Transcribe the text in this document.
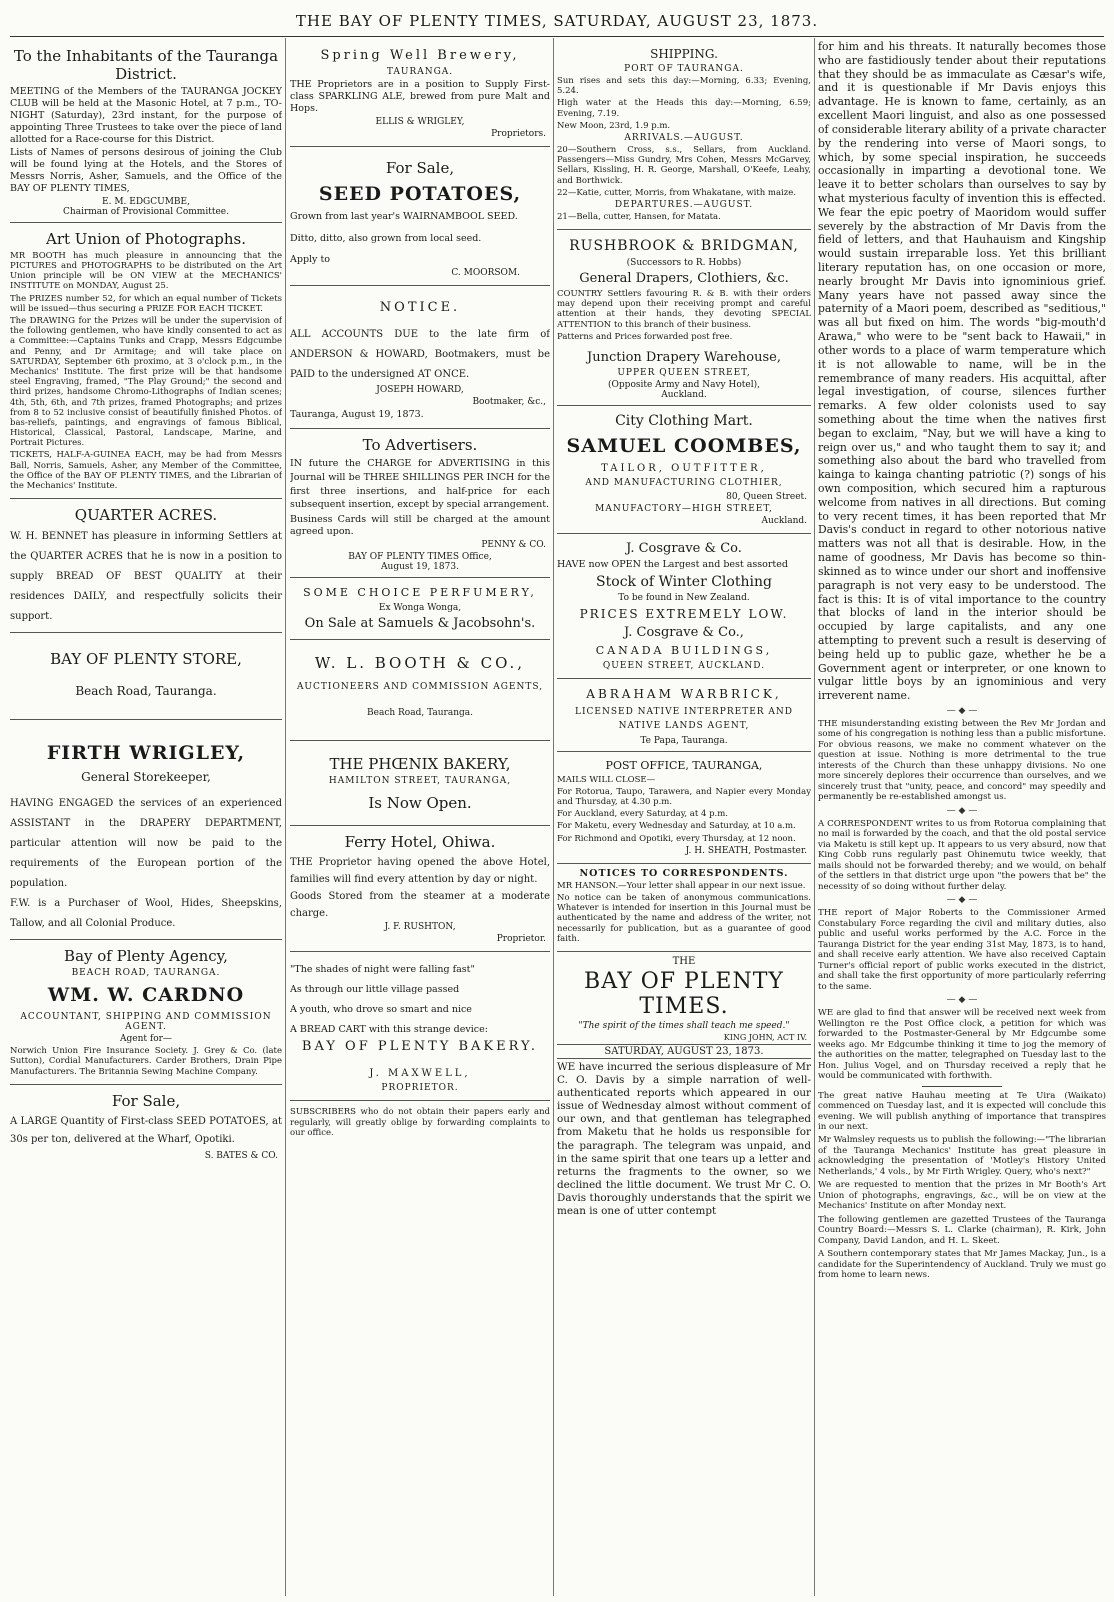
THE BAY OF PLENTY TIMES, SATURDAY, AUGUST 23, 1873.
To the Inhabitants of the Tauranga District.
MEETING of the Members of the TAURANGA JOCKEY CLUB will be held at the Masonic Hotel, at 7 p.m., TO-NIGHT (Saturday), 23rd instant, for the purpose of appointing Three Trustees to take over the piece of land allotted for a Race-course for this District.
Lists of Names of persons desirous of joining the Club will be found lying at the Hotels, and the Stores of Messrs Norris, Asher, Samuels, and the Office of the BAY OF PLENTY TIMES,
E. M. EDGCUMBE,
Chairman of Provisional Committee.
Art Union of Photographs.
MR BOOTH has much pleasure in announcing that the PICTURES and PHOTOGRAPHS to be distributed on the Art Union principle will be ON VIEW at the MECHANICS' INSTITUTE on MONDAY, August 25.
The PRIZES number 52, for which an equal number of Tickets will be issued—thus securing a PRIZE FOR EACH TICKET.
The DRAWING for the Prizes will be under the supervision of the following gentlemen, who have kindly consented to act as a Committee:—Captains Tunks and Crapp, Messrs Edgcumbe and Penny, and Dr Armitage; and will take place on SATURDAY, September 6th proximo, at 3 o'clock p.m., in the Mechanics' Institute. The first prize will be that handsome steel Engraving, framed, "The Play Ground;" the second and third prizes, handsome Chromo-Lithographs of Indian scenes; 4th, 5th, 6th, and 7th prizes, framed Photographs; and prizes from 8 to 52 inclusive consist of beautifully finished Photos. of bas-reliefs, paintings, and engravings of famous Biblical, Historical, Classical, Pastoral, Landscape, Marine, and Portrait Pictures.
TICKETS, HALF-A-GUINEA EACH, may be had from Messrs Ball, Norris, Samuels, Asher, any Member of the Committee, the Office of the BAY OF PLENTY TIMES, and the Librarian of the Mechanics' Institute.
QUARTER ACRES.
W. H. BENNET has pleasure in informing Settlers at the QUARTER ACRES that he is now in a position to supply BREAD OF BEST QUALITY at their residences DAILY, and respectfully solicits their support.
BAY OF PLENTY STORE,
Beach Road, Tauranga.
FIRTH WRIGLEY,
General Storekeeper,
HAVING ENGAGED the services of an experienced ASSISTANT in the DRAPERY DEPARTMENT, particular attention will now be paid to the requirements of the European portion of the population.
F.W. is a Purchaser of Wool, Hides, Sheepskins, Tallow, and all Colonial Produce.
Bay of Plenty Agency,
BEACH ROAD, TAURANGA.
WM. W. CARDNO
ACCOUNTANT, SHIPPING AND COMMISSION AGENT.
Agent for—
Norwich Union Fire Insurance Society. J. Grey & Co. (late Sutton), Cordial Manufacturers. Carder Brothers, Drain Pipe Manufacturers. The Britannia Sewing Machine Company.
For Sale,
A LARGE Quantity of First-class SEED POTATOES, at 30s per ton, delivered at the Wharf, Opotiki.
S. BATES & CO.
Spring Well Brewery,
TAURANGA.
THE Proprietors are in a position to Supply First-class SPARKLING ALE, brewed from pure Malt and Hops.
ELLIS & WRIGLEY,
Proprietors.
For Sale,
SEED POTATOES,
Grown from last year's WAIRNAMBOOL SEED.
Ditto, ditto, also grown from local seed.
Apply to
C. MOORSOM.
NOTICE.
ALL ACCOUNTS DUE to the late firm of ANDERSON & HOWARD, Bootmakers, must be PAID to the undersigned AT ONCE.
JOSEPH HOWARD,
Bootmaker, &c.,
Tauranga, August 19, 1873.
To Advertisers.
IN future the CHARGE for ADVERTISING in this Journal will be THREE SHILLINGS PER INCH for the first three insertions, and half-price for each subsequent insertion, except by special arrangement.
Business Cards will still be charged at the amount agreed upon.
PENNY & CO.
BAY OF PLENTY TIMES Office,
August 19, 1873.
SOME CHOICE PERFUMERY,
Ex Wonga Wonga,
On Sale at Samuels & Jacobsohn's.
W. L. BOOTH & CO.,
AUCTIONEERS AND COMMISSION AGENTS,
Beach Road, Tauranga.
THE PHŒNIX BAKERY,
HAMILTON STREET, TAURANGA,
Is Now Open.
Ferry Hotel, Ohiwa.
THE Proprietor having opened the above Hotel, families will find every attention by day or night.
Goods Stored from the steamer at a moderate charge.
J. F. RUSHTON,
Proprietor.
"The shades of night were falling fast"
As through our little village passed
A youth, who drove so smart and nice
A BREAD CART with this strange device:
BAY OF PLENTY BAKERY.
J. MAXWELL,
PROPRIETOR.
SUBSCRIBERS who do not obtain their papers early and regularly, will greatly oblige by forwarding complaints to our office.
SHIPPING.
PORT OF TAURANGA.
Sun rises and sets this day:—Morning, 6.33; Evening, 5.24.
High water at the Heads this day:—Morning, 6.59; Evening, 7.19.
New Moon, 23rd, 1.9 p.m.
ARRIVALS.—AUGUST.
20—Southern Cross, s.s., Sellars, from Auckland. Passengers—Miss Gundry, Mrs Cohen, Messrs McGarvey, Sellars, Kissling, H. R. George, Marshall, O'Keefe, Leahy, and Borthwick.
22—Katie, cutter, Morris, from Whakatane, with maize.
DEPARTURES.—AUGUST.
21—Bella, cutter, Hansen, for Matata.
RUSHBROOK & BRIDGMAN,
(Successors to R. Hobbs)
General Drapers, Clothiers, &c.
COUNTRY Settlers favouring R. & B. with their orders may depend upon their receiving prompt and careful attention at their hands, they devoting SPECIAL ATTENTION to this branch of their business.
Patterns and Prices forwarded post free.
Junction Drapery Warehouse,
UPPER QUEEN STREET,
(Opposite Army and Navy Hotel),
Auckland.
City Clothing Mart.
SAMUEL COOMBES,
TAILOR, OUTFITTER,
AND MANUFACTURING CLOTHIER,
80, Queen Street.
MANUFACTORY—HIGH STREET,
Auckland.
J. Cosgrave & Co.
HAVE now OPEN the Largest and best assorted
Stock of Winter Clothing
To be found in New Zealand.
PRICES EXTREMELY LOW.
J. Cosgrave & Co.,
CANADA BUILDINGS,
QUEEN STREET, AUCKLAND.
ABRAHAM WARBRICK,
LICENSED NATIVE INTERPRETER AND NATIVE LANDS AGENT,
Te Papa, Tauranga.
POST OFFICE, TAURANGA,
MAILS WILL CLOSE—
For Rotorua, Taupo, Tarawera, and Napier every Monday and Thursday, at 4.30 p.m.
For Auckland, every Saturday, at 4 p.m.
For Maketu, every Wednesday and Saturday, at 10 a.m.
For Richmond and Opotiki, every Thursday, at 12 noon.
J. H. SHEATH, Postmaster.
NOTICES TO CORRESPONDENTS.
MR HANSON.—Your letter shall appear in our next issue.
No notice can be taken of anonymous communications. Whatever is intended for insertion in this Journal must be authenticated by the name and address of the writer, not necessarily for publication, but as a guarantee of good faith.
THE
BAY OF PLENTY TIMES.
"The spirit of the times shall teach me speed."
KING JOHN, ACT IV.
SATURDAY, AUGUST 23, 1873.
WE have incurred the serious displeasure of Mr C. O. Davis by a simple narration of well-authenticated reports which appeared in our issue of Wednesday almost without comment of our own, and that gentleman has telegraphed from Maketu that he holds us responsible for the paragraph. The telegram was unpaid, and in the same spirit that one tears up a letter and returns the fragments to the owner, so we declined the little document. We trust Mr C. O. Davis thoroughly understands that the spirit we mean is one of utter contempt
for him and his threats. It naturally becomes those who are fastidiously tender about their reputations that they should be as immaculate as Cæsar's wife, and it is questionable if Mr Davis enjoys this advantage. He is known to fame, certainly, as an excellent Maori linguist, and also as one possessed of considerable literary ability of a private character by the rendering into verse of Maori songs, to which, by some special inspiration, he succeeds occasionally in imparting a devotional tone. We leave it to better scholars than ourselves to say by what mysterious faculty of invention this is effected. We fear the epic poetry of Maoridom would suffer severely by the abstraction of Mr Davis from the field of letters, and that Hauhauism and Kingship would sustain irreparable loss. Yet this brilliant literary reputation has, on one occasion or more, nearly brought Mr Davis into ignominious grief. Many years have not passed away since the paternity of a Maori poem, described as "seditious," was all but fixed on him. The words "big-mouth'd Arawa," who were to be "sent back to Hawaii," in other words to a place of warm temperature which it is not allowable to name, will be in the remembrance of many readers. His acquittal, after legal investigation, of course, silences further remarks. A few older colonists used to say something about the time when the natives first began to exclaim, "Nay, but we will have a king to reign over us," and who taught them to say it; and something also about the bard who travelled from kainga to kainga chanting patriotic (?) songs of his own composition, which secured him a rapturous welcome from natives in all directions. But coming to very recent times, it has been reported that Mr Davis's conduct in regard to other notorious native matters was not all that is desirable. How, in the name of goodness, Mr Davis has become so thin-skinned as to wince under our short and inoffensive paragraph is not very easy to be understood. The fact is this: It is of vital importance to the country that blocks of land in the interior should be occupied by large capitalists, and any one attempting to prevent such a result is deserving of being held up to public gaze, whether he be a Government agent or interpreter, or one known to vulgar little boys by an ignominious and very irreverent name.
— ◆ —
THE misunderstanding existing between the Rev Mr Jordan and some of his congregation is nothing less than a public misfortune. For obvious reasons, we make no comment whatever on the question at issue. Nothing is more detrimental to the true interests of the Church than these unhappy divisions. No one more sincerely deplores their occurrence than ourselves, and we sincerely trust that "unity, peace, and concord" may speedily and permanently be re-established amongst us.
— ◆ —
A CORRESPONDENT writes to us from Rotorua complaining that no mail is forwarded by the coach, and that the old postal service via Maketu is still kept up. It appears to us very absurd, now that King Cobb runs regularly past Ohinemutu twice weekly, that mails should not be forwarded thereby; and we would, on behalf of the settlers in that district urge upon "the powers that be" the necessity of so doing without further delay.
— ◆ —
THE report of Major Roberts to the Commissioner Armed Constabulary Force regarding the civil and military duties, also public and useful works performed by the A.C. Force in the Tauranga District for the year ending 31st May, 1873, is to hand, and shall receive early attention. We have also received Captain Turner's official report of public works executed in the district, and shall take the first opportunity of more particularly referring to the same.
— ◆ —
WE are glad to find that answer will be received next week from Wellington re the Post Office clock, a petition for which was forwarded to the Postmaster-General by Mr Edgcumbe some weeks ago. Mr Edgcumbe thinking it time to jog the memory of the authorities on the matter, telegraphed on Tuesday last to the Hon. Julius Vogel, and on Thursday received a reply that he would be communicated with forthwith.
The great native Hauhau meeting at Te Uira (Waikato) commenced on Tuesday last, and it is expected will conclude this evening. We will publish anything of importance that transpires in our next.
Mr Walmsley requests us to publish the following:—"The librarian of the Tauranga Mechanics' Institute has great pleasure in acknowledging the presentation of 'Motley's History United Netherlands,' 4 vols., by Mr Firth Wrigley. Query, who's next?"
We are requested to mention that the prizes in Mr Booth's Art Union of photographs, engravings, &c., will be on view at the Mechanics' Institute on after Monday next.
The following gentlemen are gazetted Trustees of the Tauranga Country Board:—Messrs S. L. Clarke (chairman), R. Kirk, John Company, David Landon, and H. L. Skeet.
A Southern contemporary states that Mr James Mackay, Jun., is a candidate for the Superintendency of Auckland. Truly we must go from home to learn news.
